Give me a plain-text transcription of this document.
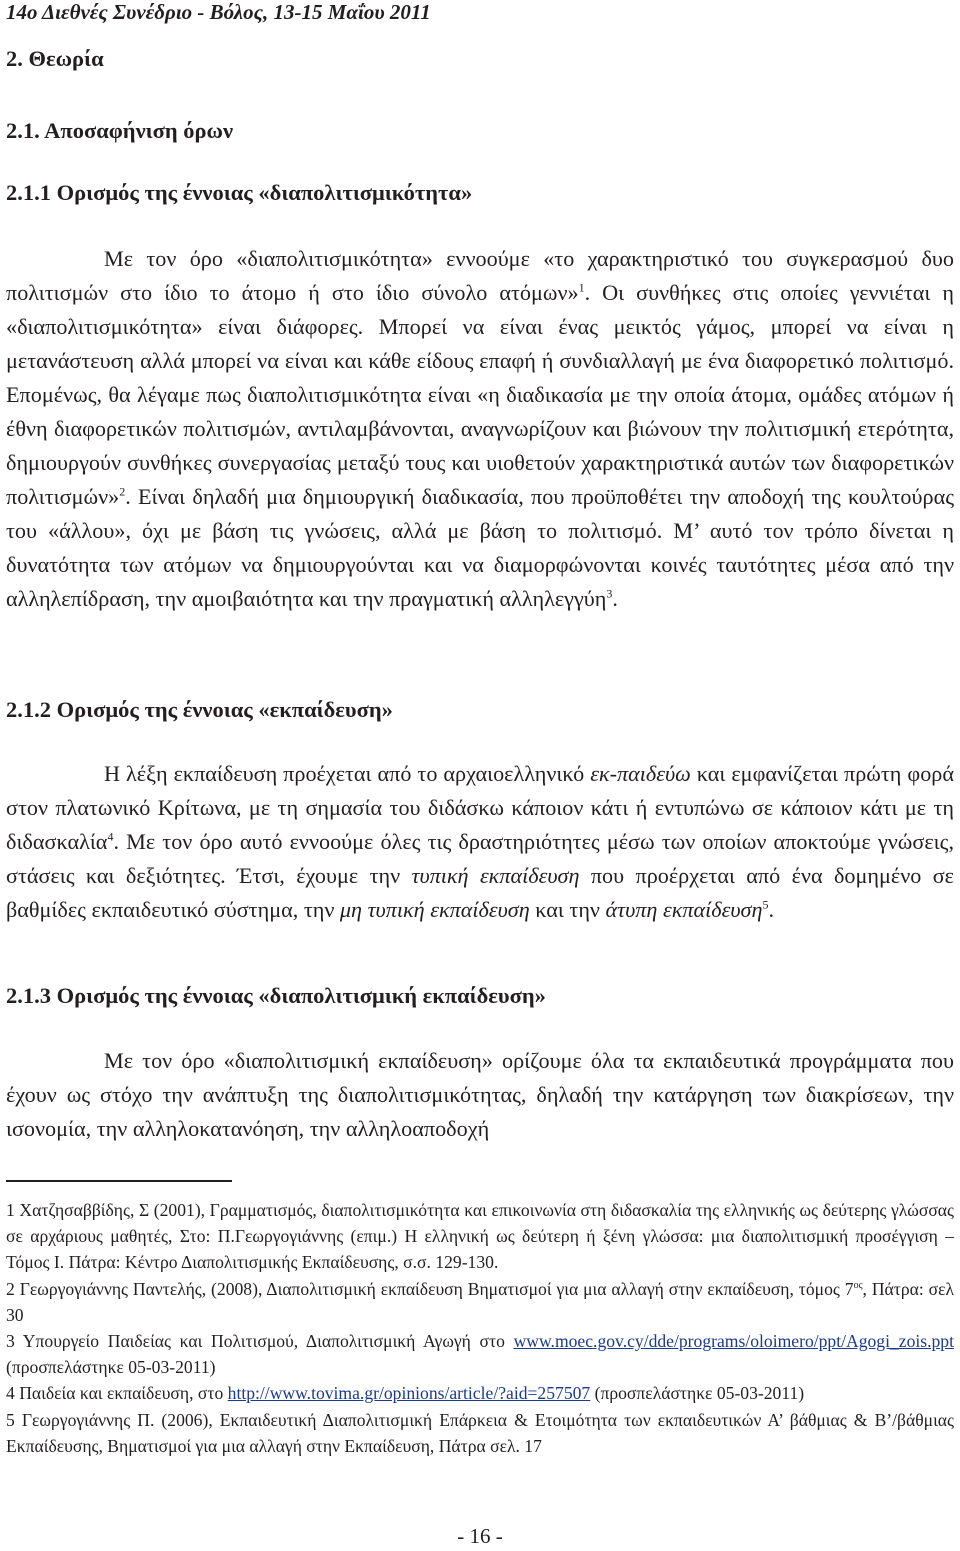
14ο Διεθνές Συνέδριο - Βόλος, 13-15 Μαΐου 2011
2. Θεωρία
2.1. Αποσαφήνιση όρων
2.1.1 Ορισμός της έννοιας «διαπολιτισμικότητα»

Με τον όρο «διαπολιτισμικότητα» εννοούμε «το χαρακτηριστικό του συγκερασμού δυο πολιτισμών στο ίδιο το άτομο ή στο ίδιο σύνολο ατόμων»$^1$. Οι συνθήκες στις οποίες γεννιέται η «διαπολιτισμικότητα» είναι διάφορες. Μπορεί να είναι ένας μεικτός γάμος, μπορεί να είναι η μετανάστευση αλλά μπορεί να είναι και κάθε είδους επαφή ή συνδιαλλαγή με ένα διαφορετικό πολιτισμό. Επομένως, θα λέγαμε πως διαπολιτισμικότητα είναι «η διαδικασία με την οποία άτομα, ομάδες ατόμων ή έθνη διαφορετικών πολιτισμών, αντιλαμβάνονται, αναγνωρίζουν και βιώνουν την πολιτισμική ετερότητα, δημιουργούν συνθήκες συνεργασίας μεταξύ τους και υιοθετούν χαρακτηριστικά αυτών των διαφορετικών πολιτισμών»$^2$. Είναι δηλαδή μια δημιουργική διαδικασία, που προϋποθέτει την αποδοχή της κουλτούρας του «άλλου», όχι με βάση τις γνώσεις, αλλά με βάση το πολιτισμό. Μ’ αυτό τον τρόπο δίνεται η δυνατότητα των ατόμων να δημιουργούνται και να διαμορφώνονται κοινές ταυτότητες μέσα από την αλληλεπίδραση, την αμοιβαιότητα και την πραγματική αλληλεγγύη$^3$.

2.1.2 Ορισμός της έννοιας «εκπαίδευση»

Η λέξη εκπαίδευση προέχεται από το αρχαιοελληνικό εκ-παιδεύω και εμφανίζεται πρώτη φορά στον πλατωνικό Κρίτωνα, με τη σημασία του διδάσκω κάποιον κάτι ή εντυπώνω σε κάποιον κάτι με τη διδασκαλία$^4$. Με τον όρο αυτό εννοούμε όλες τις δραστηριότητες μέσω των οποίων αποκτούμε γνώσεις, στάσεις και δεξιότητες. Έτσι, έχουμε την τυπική εκπαίδευση που προέρχεται από ένα δομημένο σε βαθμίδες εκπαιδευτικό σύστημα, την μη τυπική εκπαίδευση και την άτυπη εκπαίδευση$^5$.

2.1.3 Ορισμός της έννοιας «διαπολιτισμική εκπαίδευση»

Με τον όρο «διαπολιτισμική εκπαίδευση» ορίζουμε όλα τα εκπαιδευτικά προγράμματα που έχουν ως στόχο την ανάπτυξη της διαπολιτισμικότητας, δηλαδή την κατάργηση των διακρίσεων, την ισονομία, την αλληλοκατανόηση, την αλληλοαποδοχή

1 Χατζησαββίδης, Σ (2001), Γραμματισμός, διαπολιτισμικότητα και επικοινωνία στη διδασκαλία της ελληνικής ως δεύτερης γλώσσας σε αρχάριους μαθητές, Στο: Π.Γεωργογιάννης (επιμ.) Η ελληνική ως δεύτερη ή ξένη γλώσσα: μια διαπολιτισμική προσέγγιση – Τόμος Ι. Πάτρα: Κέντρο Διαπολιτισμικής Εκπαίδευσης, σ.σ. 129-130.

2 Γεωργογιάννης Παντελής, (2008), Διαπολιτισμική εκπαίδευση Βηματισμοί για μια αλλαγή στην εκπαίδευση, τόμος $7^{o\varsigma}$, Πάτρα: σελ 30

3 Υπουργείο Παιδείας και Πολιτισμού, Διαπολιτισμική Αγωγή στο www.moec.gov.cy/dde/programs/oloimero/ppt/Agogi_zois.ppt (προσπελάστηκε 05-03-2011)

4 Παιδεία και εκπαίδευση, στο http://www.tovima.gr/opinions/article/?aid=257507 (προσπελάστηκε 05-03-2011)

5 Γεωργογιάννης Π. (2006), Εκπαιδευτική Διαπολιτισμική Επάρκεια & Ετοιμότητα των εκπαιδευτικών Α’ βάθμιας & Β’/βάθμιας Εκπαίδευσης, Βηματισμοί για μια αλλαγή στην Εκπαίδευση, Πάτρα σελ. 17

- 16 -
